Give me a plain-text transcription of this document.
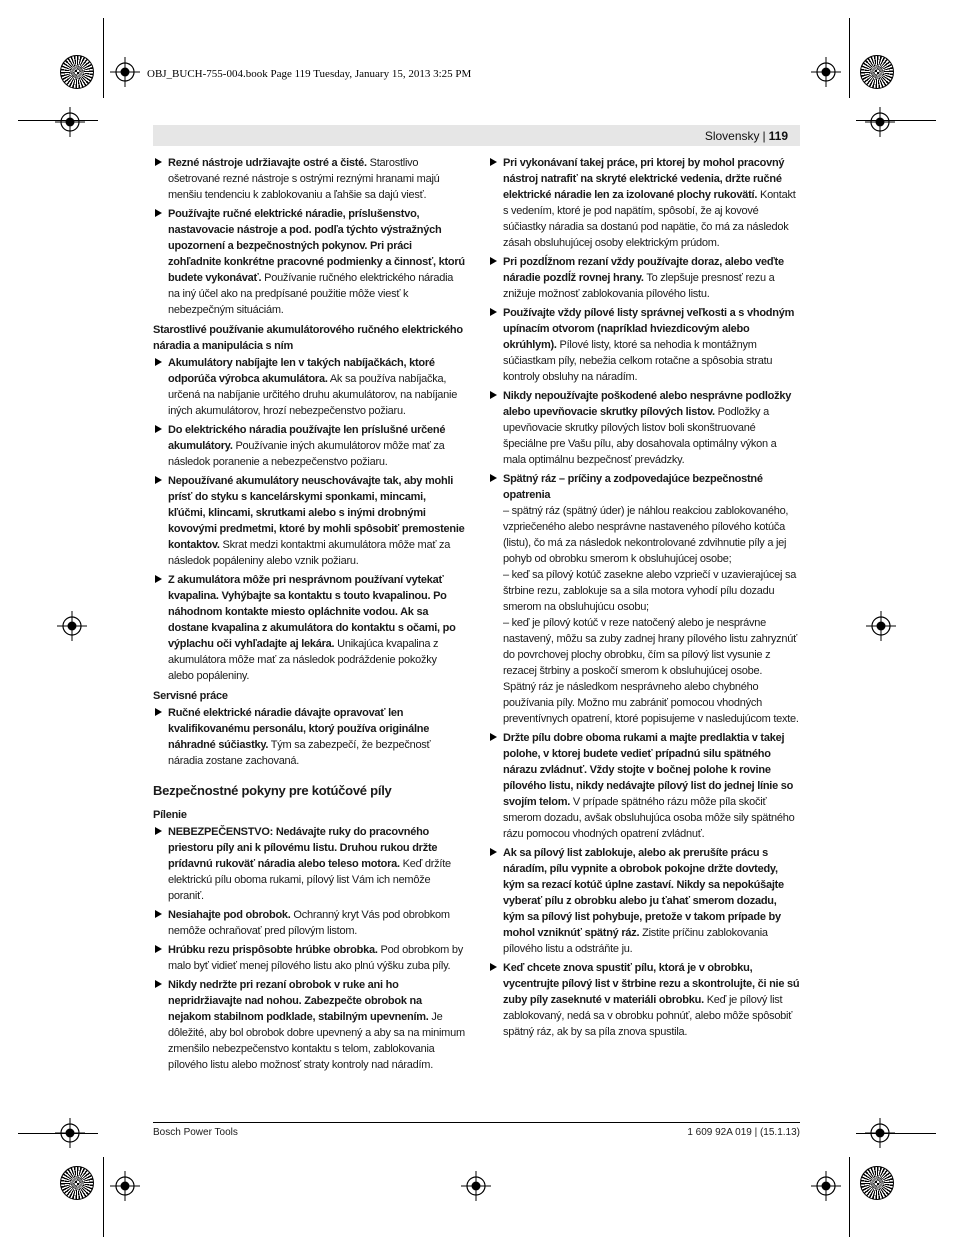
OBJ_BUCH-755-004.book Page 119 Tuesday, January 15, 2013 3:25 PM
Slovensky | 119
Rezné nástroje udržiavajte ostré a čisté. Starostlivo ošetrované rezné nástroje s ostrými reznými hranami majú menšiu tendenciu k zablokovaniu a ľahšie sa dajú viesť.
Používajte ručné elektrické náradie, príslušenstvo, nastavovacie nástroje a pod. podľa týchto výstražných upozornení a bezpečnostných pokynov. Pri práci zohľadnite konkrétne pracovné podmienky a činnosť, ktorú budete vykonávať. Používanie ručného elektrického náradia na iný účel ako na predpísané použitie môže viesť k nebezpečným situáciám.
Starostlivé používanie akumulátorového ručného elektrického náradia a manipulácia s ním
Akumulátory nabíjajte len v takých nabíjačkách, ktoré odporúča výrobca akumulátora. Ak sa používa nabíjačka, určená na nabíjanie určitého druhu akumulátorov, na nabíjanie iných akumulátorov, hrozí nebezpečenstvo požiaru.
Do elektrického náradia používajte len príslušné určené akumulátory. Používanie iných akumulátorov môže mať za následok poranenie a nebezpečenstvo požiaru.
Nepoužívané akumulátory neuschovávajte tak, aby mohli prísť do styku s kancelárskymi sponkami, mincami, kľúčmi, klincami, skrutkami alebo s inými drobnými kovovými predmetmi, ktoré by mohli spôsobiť premostenie kontaktov. Skrat medzi kontaktmi akumulátora môže mať za následok popáleniny alebo vznik požiaru.
Z akumulátora môže pri nesprávnom používaní vytekať kvapalina. Vyhýbajte sa kontaktu s touto kvapalinou. Po náhodnom kontakte miesto opláchnite vodou. Ak sa dostane kvapalina z akumulátora do kontaktu s očami, po výplachu oči vyhľadajte aj lekára. Unikajúca kvapalina z akumulátora môže mať za následok podráždenie pokožky alebo popáleniny.
Servisné práce
Ručné elektrické náradie dávajte opravovať len kvalifikovanému personálu, ktorý používa originálne náhradné súčiastky. Tým sa zabezpečí, že bezpečnosť náradia zostane zachovaná.
Bezpečnostné pokyny pre kotúčové píly
Pílenie
NEBEZPEČENSTVO: Nedávajte ruky do pracovného priestoru píly ani k pílovému listu. Druhou rukou držte prídavnú rukoväť náradia alebo teleso motora. Keď držíte elektrickú pílu oboma rukami, pílový list Vám ich nemôže poraniť.
Nesiahajte pod obrobok. Ochranný kryt Vás pod obrobkom nemôže ochraňovať pred pílovým listom.
Hrúbku rezu prispôsobte hrúbke obrobka. Pod obrobkom by malo byť vidieť menej pílového listu ako plnú výšku zuba píly.
Nikdy nedržte pri rezaní obrobok v ruke ani ho nepridržiavajte nad nohou. Zabezpečte obrobok na nejakom stabilnom podklade, stabilným upevnením. Je dôležité, aby bol obrobok dobre upevnený a aby sa na minimum zmenšilo nebezpečenstvo kontaktu s telom, zablokovania pílového listu alebo možnosť straty kontroly nad náradím.
Pri vykonávaní takej práce, pri ktorej by mohol pracovný nástroj natrafiť na skryté elektrické vedenia, držte ručné elektrické náradie len za izolované plochy rukovätí. Kontakt s vedením, ktoré je pod napätím, spôsobí, že aj kovové súčiastky náradia sa dostanú pod napätie, čo má za následok zásah obsluhujúcej osoby elektrickým prúdom.
Pri pozdĺžnom rezaní vždy používajte doraz, alebo veďte náradie pozdĺž rovnej hrany. To zlepšuje presnosť rezu a znižuje možnosť zablokovania pílového listu.
Používajte vždy pílové listy správnej veľkosti a s vhodným upínacím otvorom (napríklad hviezdicovým alebo okrúhlym). Pílové listy, ktoré sa nehodia k montážnym súčiastkam píly, nebežia celkom rotačne a spôsobia stratu kontroly obsluhy na náradím.
Nikdy nepoužívajte poškodené alebo nesprávne podložky alebo upevňovacie skrutky pílových listov. Podložky a upevňovacie skrutky pílových listov boli skonštruované špeciálne pre Vašu pílu, aby dosahovala optimálny výkon a mala optimálnu bezpečnosť prevádzky.
Spätný ráz – príčiny a zodpovedajúce bezpečnostné opatrenia
– spätný ráz (spätný úder) je náhlou reakciou zablokovaného, vzpriečeného alebo nesprávne nastaveného pílového kotúča (listu), čo má za následok nekontrolované zdvihnutie píly a jej pohyb od obrobku smerom k obsluhujúcej osobe;
– keď sa pílový kotúč zasekne alebo vzpriečí v uzavierajúcej sa štrbine rezu, zablokuje sa a sila motora vyhodí pílu dozadu smerom na obsluhujúcu osobu;
– keď je pílový kotúč v reze natočený alebo je nesprávne nastavený, môžu sa zuby zadnej hrany pílového listu zahryznúť do povrchovej plochy obrobku, čím sa pílový list vysunie z rezacej štrbiny a poskočí smerom k obsluhujúcej osobe.
Spätný ráz je následkom nesprávneho alebo chybného používania píly. Možno mu zabrániť pomocou vhodných preventívnych opatrení, ktoré popisujeme v nasledujúcom texte.
Držte pílu dobre oboma rukami a majte predlaktia v takej polohe, v ktorej budete vedieť prípadnú silu spätného nárazu zvládnuť. Vždy stojte v bočnej polohe k rovine pílového listu, nikdy nedávajte pílový list do jednej línie so svojím telom. V prípade spätného rázu môže píla skočiť smerom dozadu, avšak obsluhujúca osoba môže sily spätného rázu pomocou vhodných opatrení zvládnuť.
Ak sa pílový list zablokuje, alebo ak prerušíte prácu s náradím, pílu vypnite a obrobok pokojne držte dovtedy, kým sa rezací kotúč úplne zastaví. Nikdy sa nepokúšajte vyberať pílu z obrobku alebo ju ťahať smerom dozadu, kým sa pílový list pohybuje, pretože v takom prípade by mohol vzniknúť spätný ráz. Zistite príčinu zablokovania pílového listu a odstráňte ju.
Keď chcete znova spustiť pílu, ktorá je v obrobku, vycentrujte pílový list v štrbine rezu a skontrolujte, či nie sú zuby píly zaseknuté v materiáli obrobku. Keď je pílový list zablokovaný, nedá sa v obrobku pohnúť, alebo môže spôsobiť spätný ráz, ak by sa píla znova spustila.
Bosch Power Tools	1 609 92A 019 | (15.1.13)
